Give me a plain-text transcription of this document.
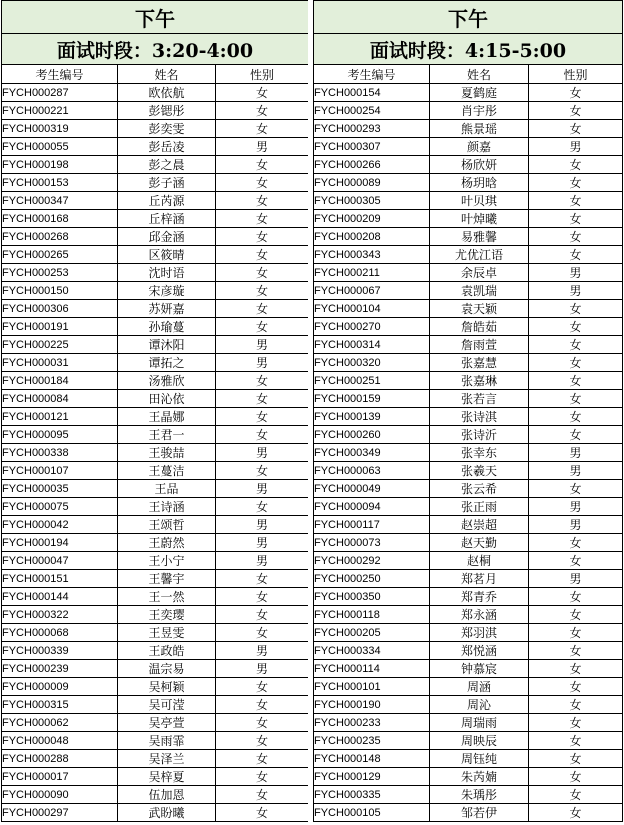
下午		
面试时段：3:20-4:00		
考生编号	姓名	性别
FYCH000287	欧依航	女
FYCH000221	彭锶彤	女
FYCH000319	彭奕雯	女
FYCH000055	彭岳凌	男
FYCH000198	彭之晨	女
FYCH000153	彭子涵	女
FYCH000347	丘芮源	女
FYCH000168	丘梓涵	女
FYCH000268	邱金涵	女
FYCH000265	区筱晴	女
FYCH000253	沈时语	女
FYCH000150	宋彦璇	女
FYCH000306	苏妍嘉	女
FYCH000191	孙瑜蔓	女
FYCH000225	谭沐阳	男
FYCH000031	谭拓之	男
FYCH000184	汤雅欣	女
FYCH000084	田沁依	女
FYCH000121	王晶娜	女
FYCH000095	王君一	女
FYCH000338	王骏喆	男
FYCH000107	王蔓洁	女
FYCH000035	王品	男
FYCH000075	王诗涵	女
FYCH000042	王颂哲	男
FYCH000194	王蔚然	男
FYCH000047	王小宁	男
FYCH000151	王馨宇	女
FYCH000144	王一然	女
FYCH000322	王奕璎	女
FYCH000068	王昱雯	女
FYCH000339	王政皓	男
FYCH000239	温宗易	男
FYCH000009	吴柯颖	女
FYCH000315	吴可滢	女
FYCH000062	吴亭萱	女
FYCH000048	吴雨霏	女
FYCH000288	吴泽兰	女
FYCH000017	吴梓夏	女
FYCH000090	伍加恩	女
FYCH000297	武盼曦	女
下午		
面试时段：4:15-5:00		
考生编号	姓名	性别
FYCH000154	夏鹤庭	女
FYCH000254	肖宇彤	女
FYCH000293	熊景瑶	女
FYCH000307	颜嘉	男
FYCH000266	杨欣妍	女
FYCH000089	杨玥晗	女
FYCH000305	叶贝琪	女
FYCH000209	叶焯曦	女
FYCH000208	易雅馨	女
FYCH000343	尤优江语	女
FYCH000211	余辰卓	男
FYCH000067	袁凯瑞	男
FYCH000104	袁天颖	女
FYCH000270	詹皓茹	女
FYCH000314	詹雨萱	女
FYCH000320	张嘉慧	女
FYCH000251	张嘉琳	女
FYCH000159	张若言	女
FYCH000139	张诗淇	女
FYCH000260	张诗沂	女
FYCH000349	张幸东	男
FYCH000063	张羲天	男
FYCH000049	张云希	女
FYCH000094	张正雨	男
FYCH000117	赵崇超	男
FYCH000073	赵天勤	女
FYCH000292	赵桐	女
FYCH000250	郑茗月	男
FYCH000350	郑青乔	女
FYCH000118	郑永涵	女
FYCH000205	郑羽淇	女
FYCH000334	郑悦涵	女
FYCH000114	钟慕宸	女
FYCH000101	周涵	女
FYCH000190	周沁	女
FYCH000233	周瑞雨	女
FYCH000235	周映辰	女
FYCH000148	周钰纯	女
FYCH000129	朱芮婻	女
FYCH000335	朱瑀彤	女
FYCH000105	邹若伊	女
